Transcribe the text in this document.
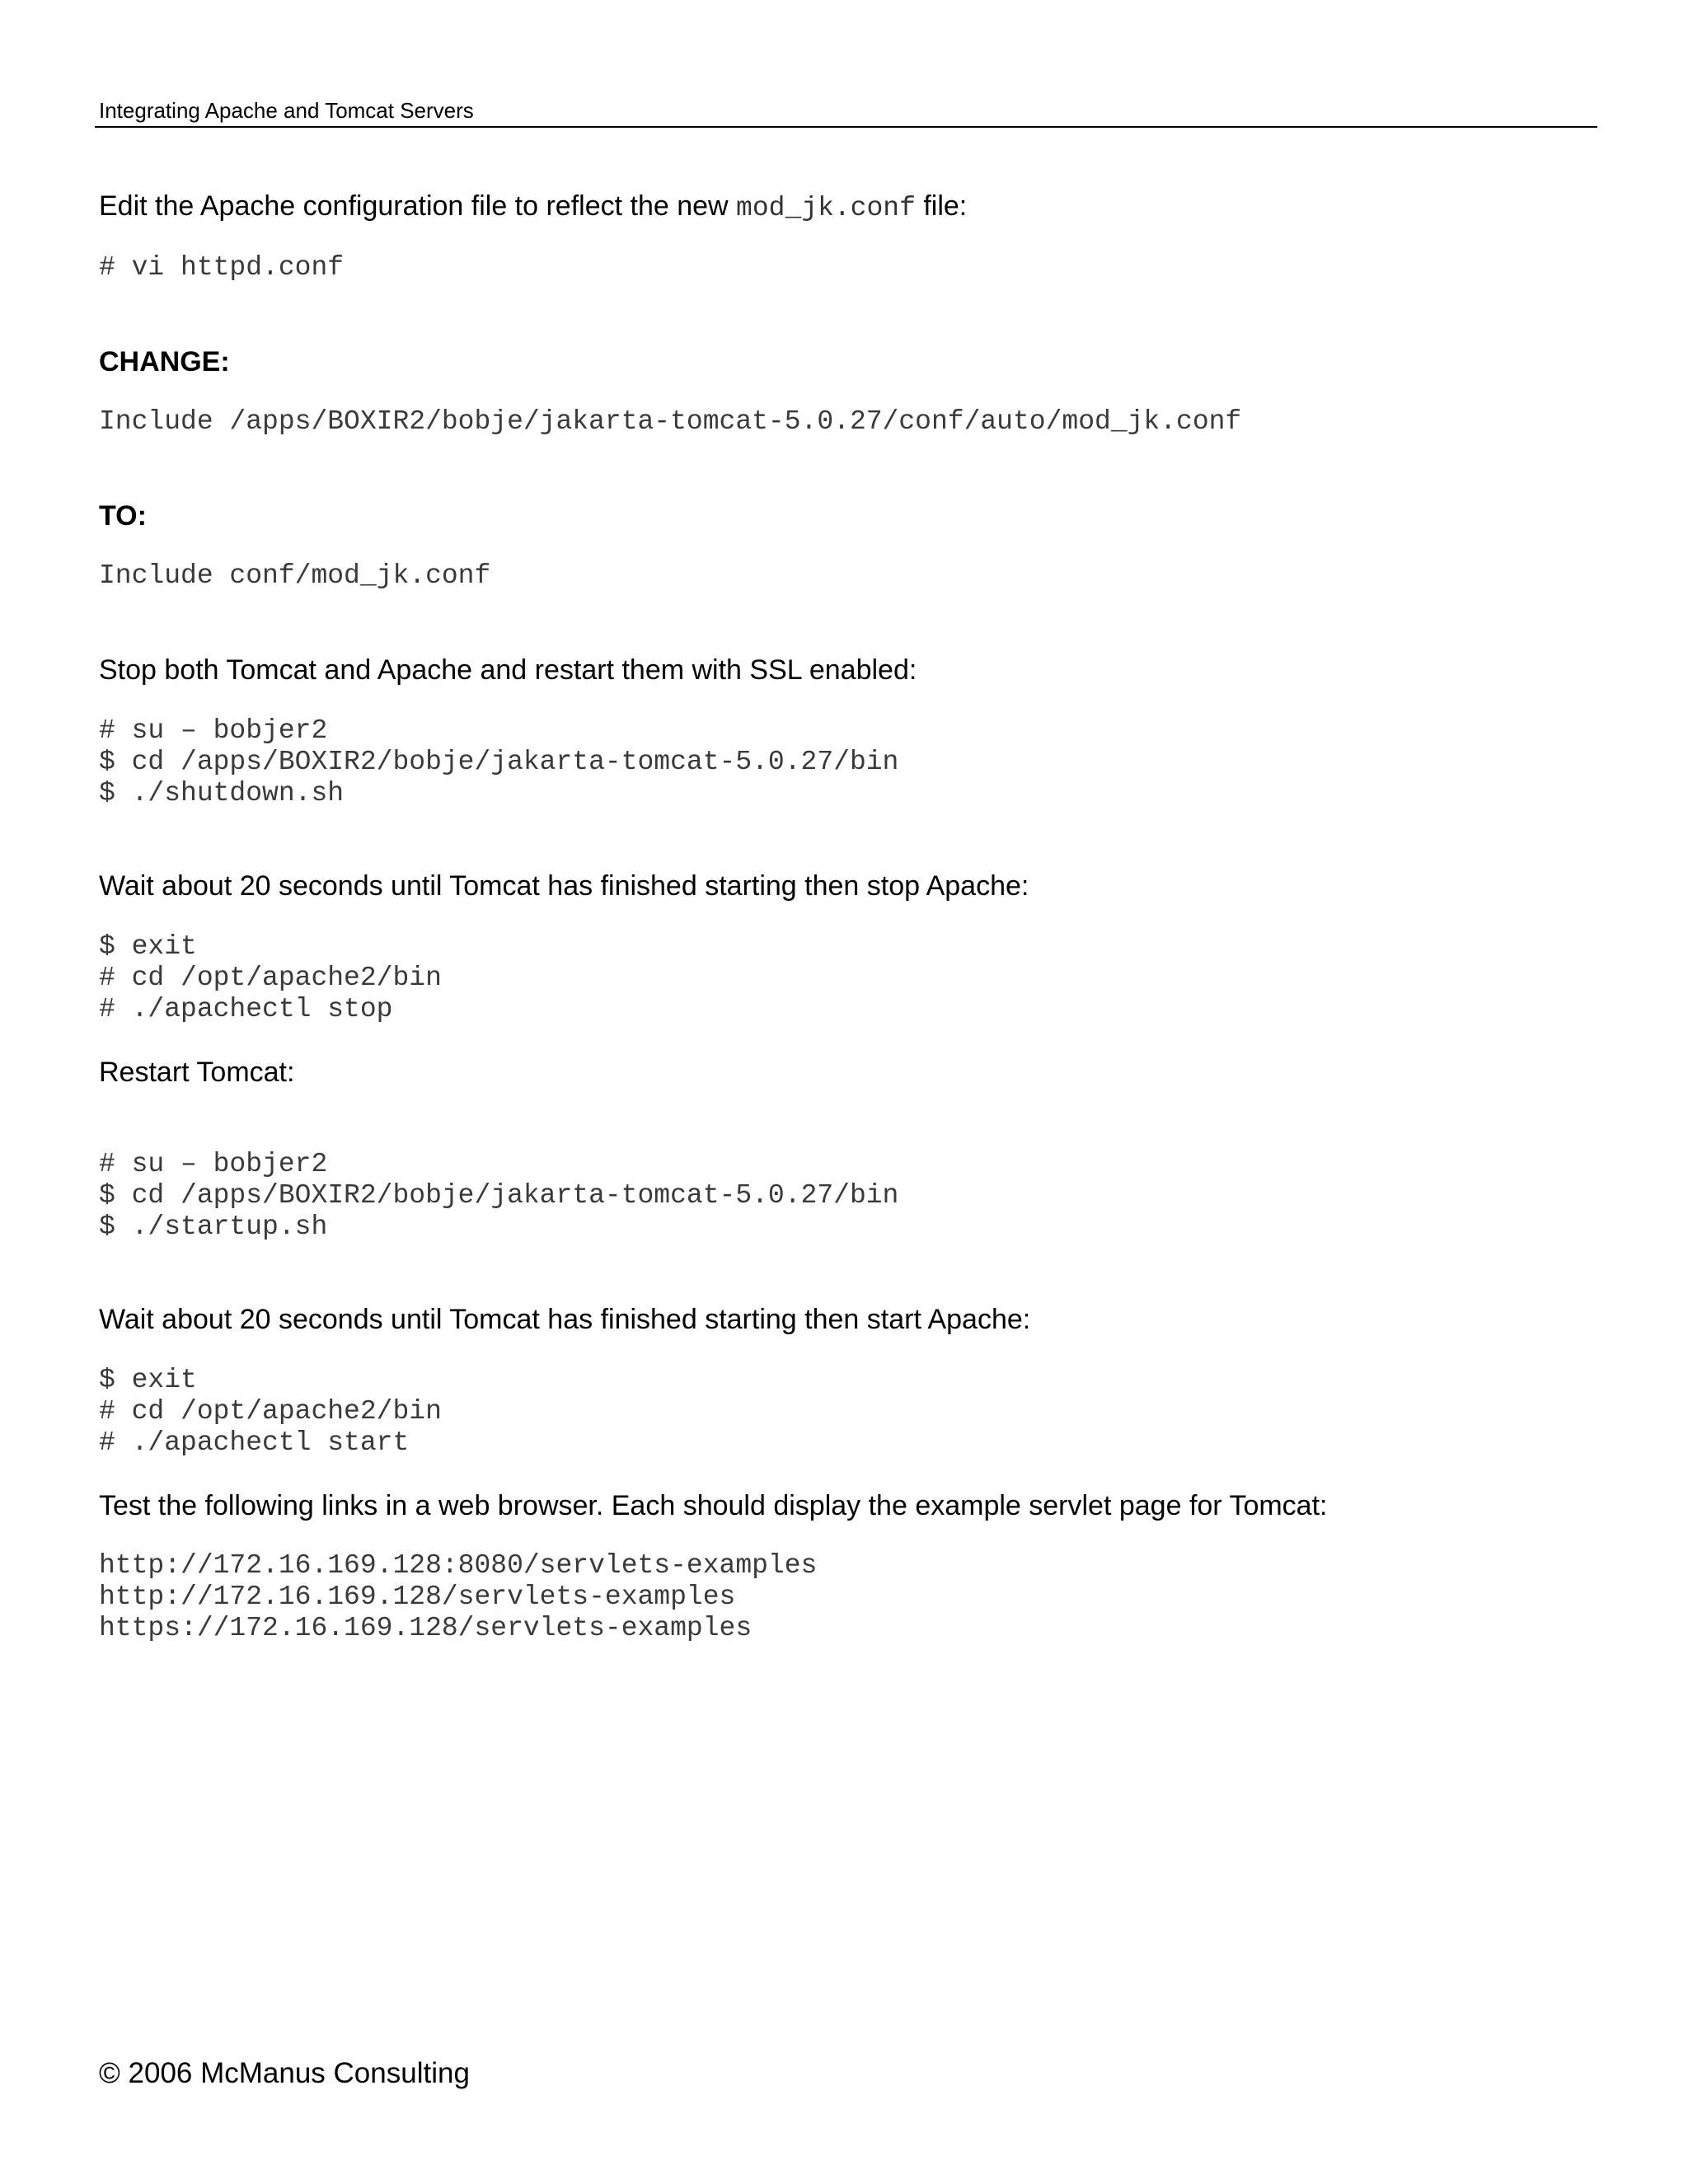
Integrating Apache and Tomcat Servers
Edit the Apache configuration file to reflect the new mod_jk.conf file:
# vi httpd.conf
CHANGE:
Include /apps/BOXIR2/bobje/jakarta-tomcat-5.0.27/conf/auto/mod_jk.conf
TO:
Include conf/mod_jk.conf
Stop both Tomcat and Apache and restart them with SSL enabled:
# su – bobjer2
$ cd /apps/BOXIR2/bobje/jakarta-tomcat-5.0.27/bin
$ ./shutdown.sh
Wait about 20 seconds until Tomcat has finished starting then stop Apache:
$ exit
# cd /opt/apache2/bin
# ./apachectl stop
Restart Tomcat:
# su – bobjer2
$ cd /apps/BOXIR2/bobje/jakarta-tomcat-5.0.27/bin
$ ./startup.sh
Wait about 20 seconds until Tomcat has finished starting then start Apache:
$ exit
# cd /opt/apache2/bin
# ./apachectl start
Test the following links in a web browser. Each should display the example servlet page for Tomcat:
http://172.16.169.128:8080/servlets-examples
http://172.16.169.128/servlets-examples
https://172.16.169.128/servlets-examples
© 2006 McManus Consulting
